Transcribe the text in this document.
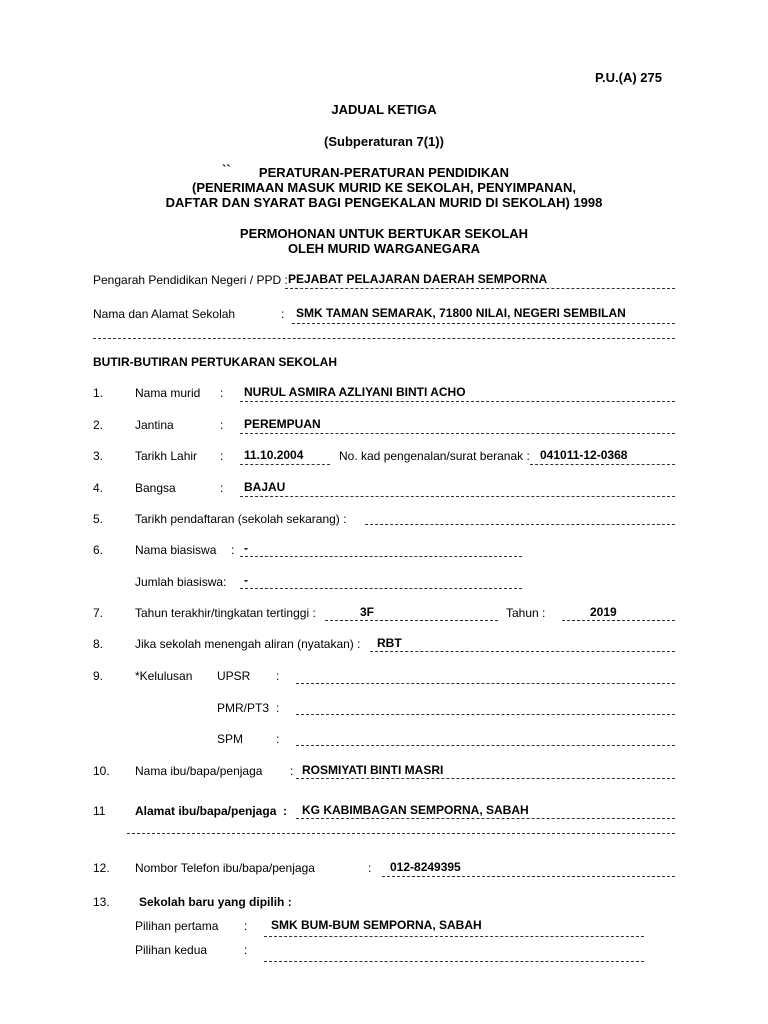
P.U.(A) 275
JADUAL KETIGA
(Subperaturan 7(1))
``	PERATURAN-PERATURAN PENDIDIKAN
(PENERIMAAN MASUK MURID KE SEKOLAH, PENYIMPANAN,
DAFTAR DAN SYARAT BAGI PENGEKALAN MURID DI SEKOLAH) 1998
PERMOHONAN UNTUK BERTUKAR SEKOLAH
OLEH MURID WARGANEGARA
Pengarah Pendidikan Negeri / PPD : PEJABAT PELAJARAN DAERAH SEMPORNA
Nama dan Alamat Sekolah	: SMK TAMAN SEMARAK, 71800 NILAI, NEGERI SEMBILAN
BUTIR-BUTIRAN PERTUKARAN SEKOLAH
1.	Nama murid : NURUL ASMIRA AZLIYANI BINTI ACHO
2.	Jantina	: PEREMPUAN
3.	Tarikh Lahir : 11.10.2004	No. kad pengenalan/surat beranak : 041011-12-0368
4.	Bangsa	: BAJAU
5.	Tarikh pendaftaran (sekolah sekarang) :
6.	Nama biasiswa : -
Jumlah biasiswa: -
7.	Tahun terakhir/tingkatan tertinggi :	3F	Tahun :	2019
8.	Jika sekolah menengah aliran (nyatakan) : RBT
9.	*Kelulusan UPSR :
PMR/PT3 :
SPM	:
10. Nama ibu/bapa/penjaga : ROSMIYATI BINTI MASRI
11 Alamat ibu/bapa/penjaga : KG KABIMBAGAN SEMPORNA, SABAH
12. Nombor Telefon ibu/bapa/penjaga	: 012-8249395
13. Sekolah baru yang dipilih :
Pilihan pertama : SMK BUM-BUM SEMPORNA, SABAH
Pilihan kedua	:
